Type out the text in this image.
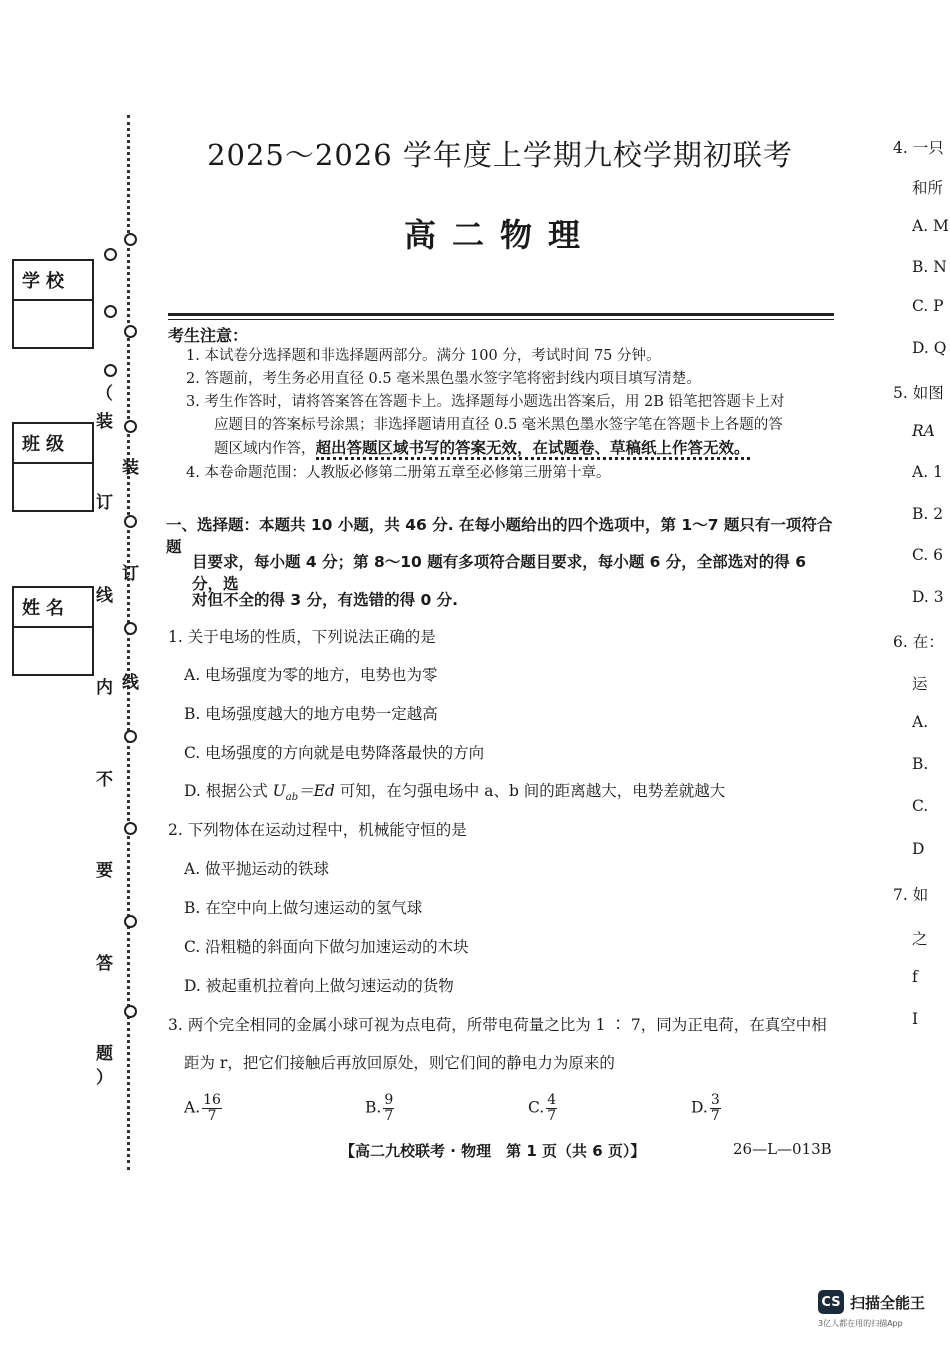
（
装
订
线
内
不
要
答
题
）
装
订
线
学校
班级
姓名
2025～2026 学年度上学期九校学期初联考
高二物理
考生注意：
1. 本试卷分选择题和非选择题两部分。满分 100 分，考试时间 75 分钟。
2. 答题前，考生务必用直径 0.5 毫米黑色墨水签字笔将密封线内项目填写清楚。
3. 考生作答时，请将答案答在答题卡上。选择题每小题选出答案后，用 2B 铅笔把答题卡上对
应题目的答案标号涂黑；非选择题请用直径 0.5 毫米黑色墨水签字笔在答题卡上各题的答
题区域内作答，超出答题区域书写的答案无效，在试题卷、草稿纸上作答无效。
4. 本卷命题范围：人教版必修第二册第五章至必修第三册第十章。
一、选择题：本题共 10 小题，共 46 分. 在每小题给出的四个选项中，第 1～7 题只有一项符合题
目要求，每小题 4 分；第 8～10 题有多项符合题目要求，每小题 6 分，全部选对的得 6 分，选
对但不全的得 3 分，有选错的得 0 分.
1. 关于电场的性质，下列说法正确的是
A. 电场强度为零的地方，电势也为零
B. 电场强度越大的地方电势一定越高
C. 电场强度的方向就是电势降落最快的方向
D. 根据公式 $U_{ab}=Ed$ 可知，在匀强电场中 a、b 间的距离越大，电势差就越大
2. 下列物体在运动过程中，机械能守恒的是
A. 做平抛运动的铁球
B. 在空中向上做匀速运动的氢气球
C. 沿粗糙的斜面向下做匀加速运动的木块
D. 被起重机拉着向上做匀速运动的货物
3. 两个完全相同的金属小球可视为点电荷，所带电荷量之比为 1 ∶ 7，同为正电荷，在真空中相
距为 r，把它们接触后再放回原处，则它们间的静电力为原来的
A. $\frac{16}{7}$	B. $\frac{9}{7}$	C. $\frac{4}{7}$	D. $\frac{3}{7}$
【高二九校联考 · 物理　第 1 页（共 6 页）】	26—L—013B
4. 一只
和所
A. M
B. N
C. P
D. Q
5. 如图
RA
A. 1
B. 2
C. 6
D. 3
6. 在：
运
A.
B.
C.
D
7. 如
之
f
I
CS 扫描全能王
3亿人都在用的扫描App
